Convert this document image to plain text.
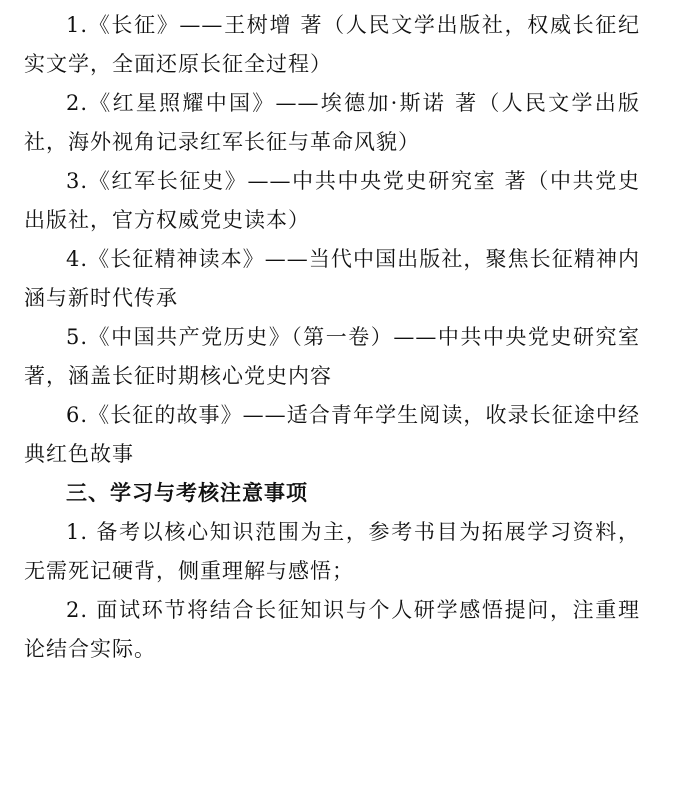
1.《长征》——王树增 著（人民文学出版社，权威长征纪实文学，全面还原长征全过程）

2.《红星照耀中国》——埃德加·斯诺 著（人民文学出版社，海外视角记录红军长征与革命风貌）

3.《红军长征史》——中共中央党史研究室 著（中共党史出版社，官方权威党史读本）

4.《长征精神读本》——当代中国出版社，聚焦长征精神内涵与新时代传承

5.《中国共产党历史》（第一卷）——中共中央党史研究室 著，涵盖长征时期核心党史内容

6.《长征的故事》——适合青年学生阅读，收录长征途中经典红色故事

三、学习与考核注意事项

1. 备考以核心知识范围为主，参考书目为拓展学习资料，无需死记硬背，侧重理解与感悟；

2. 面试环节将结合长征知识与个人研学感悟提问，注重理论结合实际。
